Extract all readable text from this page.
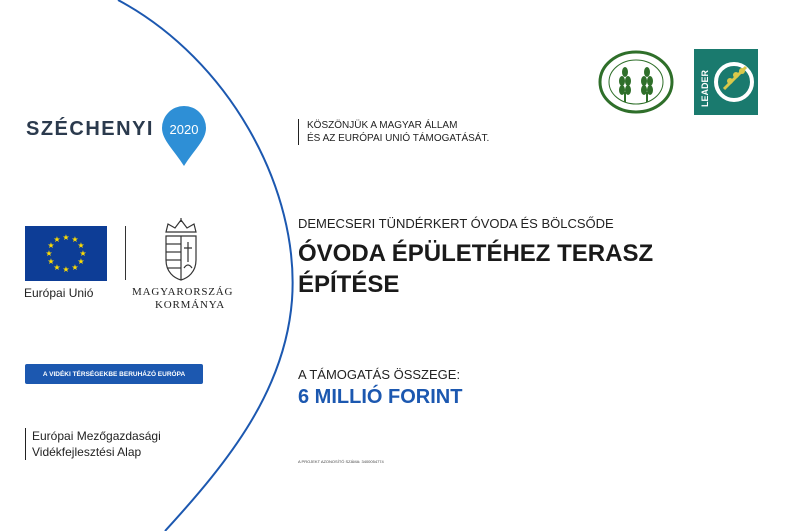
SZÉCHENYI 2020	KÖSZÖNJÜK A MAGYAR ÁLLAM
ÉS AZ EURÓPAI UNIÓ TÁMOGATÁSÁT.
LEADER
★ ★
★
★
★
★
★
★
★
★
★
★
Európai Unió	MAGYARORSZÁG
KORMÁNYA
DEMECSERI TÜNDÉRKERT ÓVODA ÉS BÖLCSŐDE
ÓVODA ÉPÜLETÉHEZ TERASZ
ÉPÍTÉSE
A TÁMOGATÁS ÖSSZEGE:
6 MILLIÓ FORINT
A VIDÉKI TÉRSÉGEKBE BERUHÁZÓ EURÓPA
Európai Mezőgazdasági
Vidékfejlesztési Alap
A PROJEKT AZONOSÍTÓ SZÁMA: 3400054774
